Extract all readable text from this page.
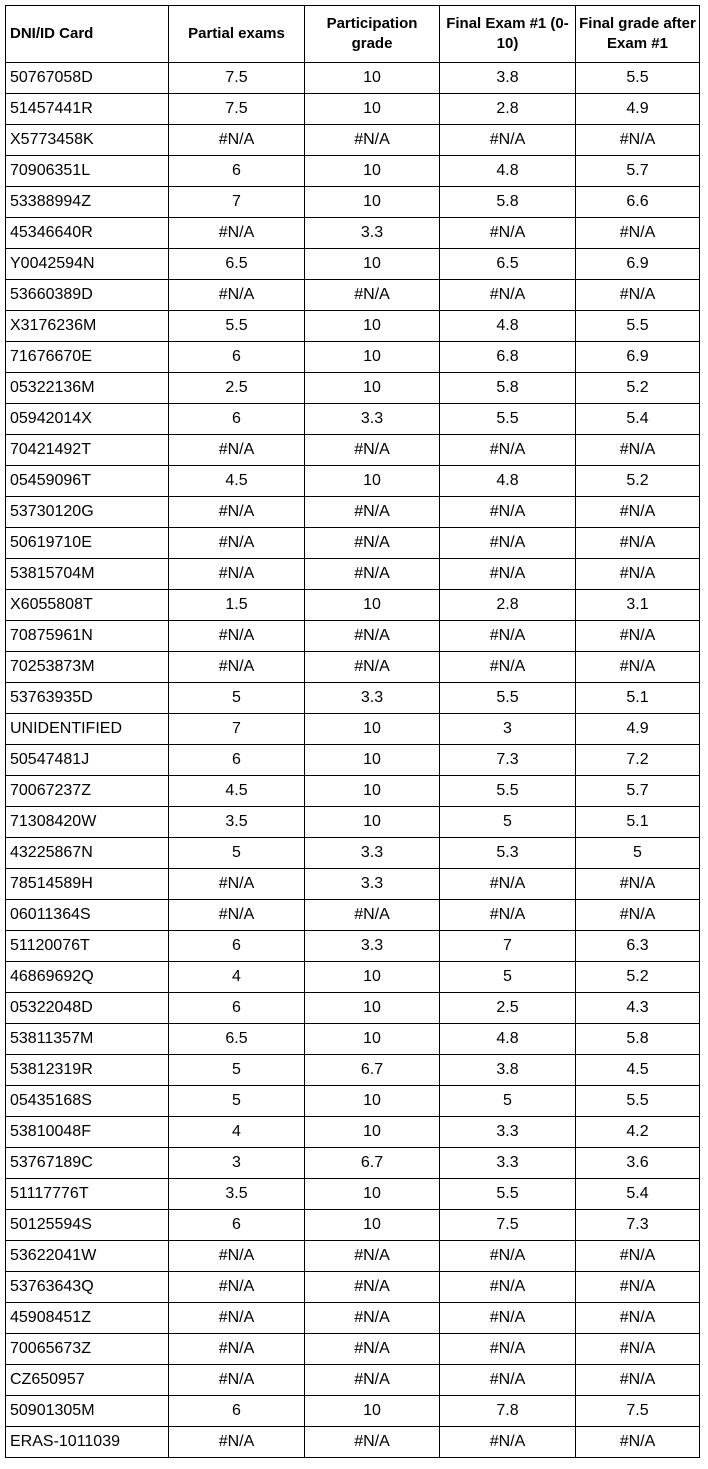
DNI/ID Card	Partial exams	Participation grade	Final Exam #1 (0-10)	Final grade after Exam #1

50767058D	7.5	10	3.8	5.5
51457441R	7.5	10	2.8	4.9
X5773458K	#N/A	#N/A	#N/A	#N/A
70906351L	6	10	4.8	5.7
53388994Z	7	10	5.8	6.6
45346640R	#N/A	3.3	#N/A	#N/A
Y0042594N	6.5	10	6.5	6.9
53660389D	#N/A	#N/A	#N/A	#N/A
X3176236M	5.5	10	4.8	5.5
71676670E	6	10	6.8	6.9
05322136M	2.5	10	5.8	5.2
05942014X	6	3.3	5.5	5.4
70421492T	#N/A	#N/A	#N/A	#N/A
05459096T	4.5	10	4.8	5.2
53730120G	#N/A	#N/A	#N/A	#N/A
50619710E	#N/A	#N/A	#N/A	#N/A
53815704M	#N/A	#N/A	#N/A	#N/A
X6055808T	1.5	10	2.8	3.1
70875961N	#N/A	#N/A	#N/A	#N/A
70253873M	#N/A	#N/A	#N/A	#N/A
53763935D	5	3.3	5.5	5.1
UNIDENTIFIED	7	10	3	4.9
50547481J	6	10	7.3	7.2
70067237Z	4.5	10	5.5	5.7
71308420W	3.5	10	5	5.1
43225867N	5	3.3	5.3	5
78514589H	#N/A	3.3	#N/A	#N/A
06011364S	#N/A	#N/A	#N/A	#N/A
51120076T	6	3.3	7	6.3
46869692Q	4	10	5	5.2
05322048D	6	10	2.5	4.3
53811357M	6.5	10	4.8	5.8
53812319R	5	6.7	3.8	4.5
05435168S	5	10	5	5.5
53810048F	4	10	3.3	4.2
53767189C	3	6.7	3.3	3.6
51117776T	3.5	10	5.5	5.4
50125594S	6	10	7.5	7.3
53622041W	#N/A	#N/A	#N/A	#N/A
53763643Q	#N/A	#N/A	#N/A	#N/A
45908451Z	#N/A	#N/A	#N/A	#N/A
70065673Z	#N/A	#N/A	#N/A	#N/A
CZ650957	#N/A	#N/A	#N/A	#N/A
50901305M	6	10	7.8	7.5
ERAS-1011039	#N/A	#N/A	#N/A	#N/A
